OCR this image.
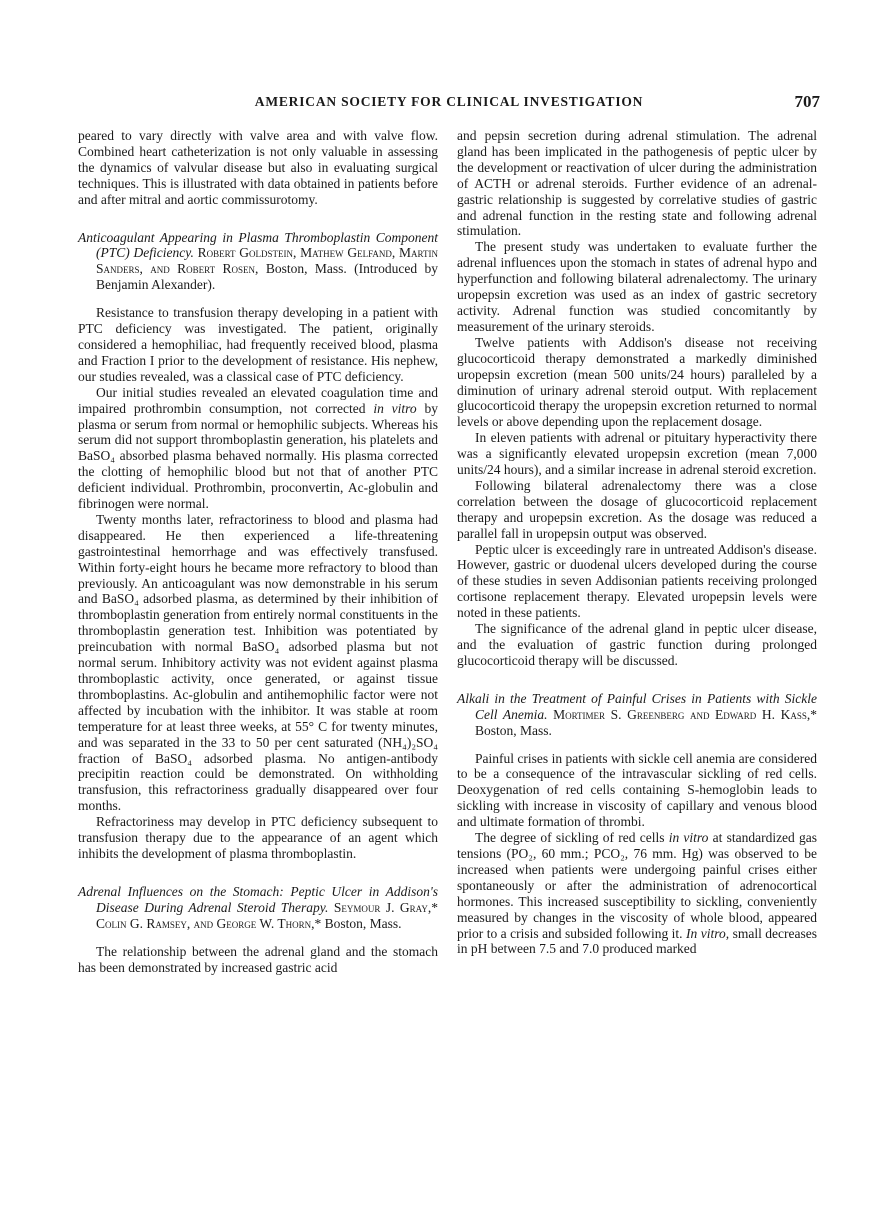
AMERICAN SOCIETY FOR CLINICAL INVESTIGATION	707

peared to vary directly with valve area and with valve flow. Combined heart catheterization is not only valuable in assessing the dynamics of valvular disease but also in evaluating surgical techniques. This is illustrated with data obtained in patients before and after mitral and aortic commissurotomy.

Anticoagulant Appearing in Plasma Thromboplastin Component (PTC) Deficiency. Robert Goldstein, Mathew Gelfand, Martin Sanders, and Robert Rosen, Boston, Mass. (Introduced by Benjamin Alexander).

Resistance to transfusion therapy developing in a patient with PTC deficiency was investigated. The patient, originally considered a hemophiliac, had frequently received blood, plasma and Fraction I prior to the development of resistance. His nephew, our studies revealed, was a classical case of PTC deficiency.

Our initial studies revealed an elevated coagulation time and impaired prothrombin consumption, not corrected in vitro by plasma or serum from normal or hemophilic subjects. Whereas his serum did not support thromboplastin generation, his platelets and BaSO₄ absorbed plasma behaved normally. His plasma corrected the clotting of hemophilic blood but not that of another PTC deficient individual. Prothrombin, proconvertin, Ac-globulin and fibrinogen were normal.

Twenty months later, refractoriness to blood and plasma had disappeared. He then experienced a life-threatening gastrointestinal hemorrhage and was effectively transfused. Within forty-eight hours he became more refractory to blood than previously. An anticoagulant was now demonstrable in his serum and BaSO₄ adsorbed plasma, as determined by their inhibition of thromboplastin generation from entirely normal constituents in the thromboplastin generation test. Inhibition was potentiated by preincubation with normal BaSO₄ adsorbed plasma but not normal serum. Inhibitory activity was not evident against plasma thromboplastic activity, once generated, or against tissue thromboplastins. Ac-globulin and antihemophilic factor were not affected by incubation with the inhibitor. It was stable at room temperature for at least three weeks, at 55° C for twenty minutes, and was separated in the 33 to 50 per cent saturated (NH₄)₂SO₄ fraction of BaSO₄ adsorbed plasma. No antigen-antibody precipitin reaction could be demonstrated. On withholding transfusion, this refractoriness gradually disappeared over four months.

Refractoriness may develop in PTC deficiency subsequent to transfusion therapy due to the appearance of an agent which inhibits the development of plasma thromboplastin.

Adrenal Influences on the Stomach: Peptic Ulcer in Addison's Disease During Adrenal Steroid Therapy. Seymour J. Gray,* Colin G. Ramsey, and George W. Thorn,* Boston, Mass.

The relationship between the adrenal gland and the stomach has been demonstrated by increased gastric acid

and pepsin secretion during adrenal stimulation. The adrenal gland has been implicated in the pathogenesis of peptic ulcer by the development or reactivation of ulcer during the administration of ACTH or adrenal steroids. Further evidence of an adrenal-gastric relationship is suggested by correlative studies of gastric and adrenal function in the resting state and following adrenal stimulation.

The present study was undertaken to evaluate further the adrenal influences upon the stomach in states of adrenal hypo and hyperfunction and following bilateral adrenalectomy. The urinary uropepsin excretion was used as an index of gastric secretory activity. Adrenal function was studied concomitantly by measurement of the urinary steroids.

Twelve patients with Addison's disease not receiving glucocorticoid therapy demonstrated a markedly diminished uropepsin excretion (mean 500 units/24 hours) paralleled by a diminution of urinary adrenal steroid output. With replacement glucocorticoid therapy the uropepsin excretion returned to normal levels or above depending upon the replacement dosage.

In eleven patients with adrenal or pituitary hyperactivity there was a significantly elevated uropepsin excretion (mean 7,000 units/24 hours), and a similar increase in adrenal steroid excretion.

Following bilateral adrenalectomy there was a close correlation between the dosage of glucocorticoid replacement therapy and uropepsin excretion. As the dosage was reduced a parallel fall in uropepsin output was observed.

Peptic ulcer is exceedingly rare in untreated Addison's disease. However, gastric or duodenal ulcers developed during the course of these studies in seven Addisonian patients receiving prolonged cortisone replacement therapy. Elevated uropepsin levels were noted in these patients.

The significance of the adrenal gland in peptic ulcer disease, and the evaluation of gastric function during prolonged glucocorticoid therapy will be discussed.

Alkali in the Treatment of Painful Crises in Patients with Sickle Cell Anemia. Mortimer S. Greenberg and Edward H. Kass,* Boston, Mass.

Painful crises in patients with sickle cell anemia are considered to be a consequence of the intravascular sickling of red cells. Deoxygenation of red cells containing S-hemoglobin leads to sickling with increase in viscosity of capillary and venous blood and ultimate formation of thrombi.

The degree of sickling of red cells in vitro at standardized gas tensions (PO₂, 60 mm.; PCO₂, 76 mm. Hg) was observed to be increased when patients were undergoing painful crises either spontaneously or after the administration of adrenocortical hormones. This increased susceptibility to sickling, conveniently measured by changes in the viscosity of whole blood, appeared prior to a crisis and subsided following it. In vitro, small decreases in pH between 7.5 and 7.0 produced marked
